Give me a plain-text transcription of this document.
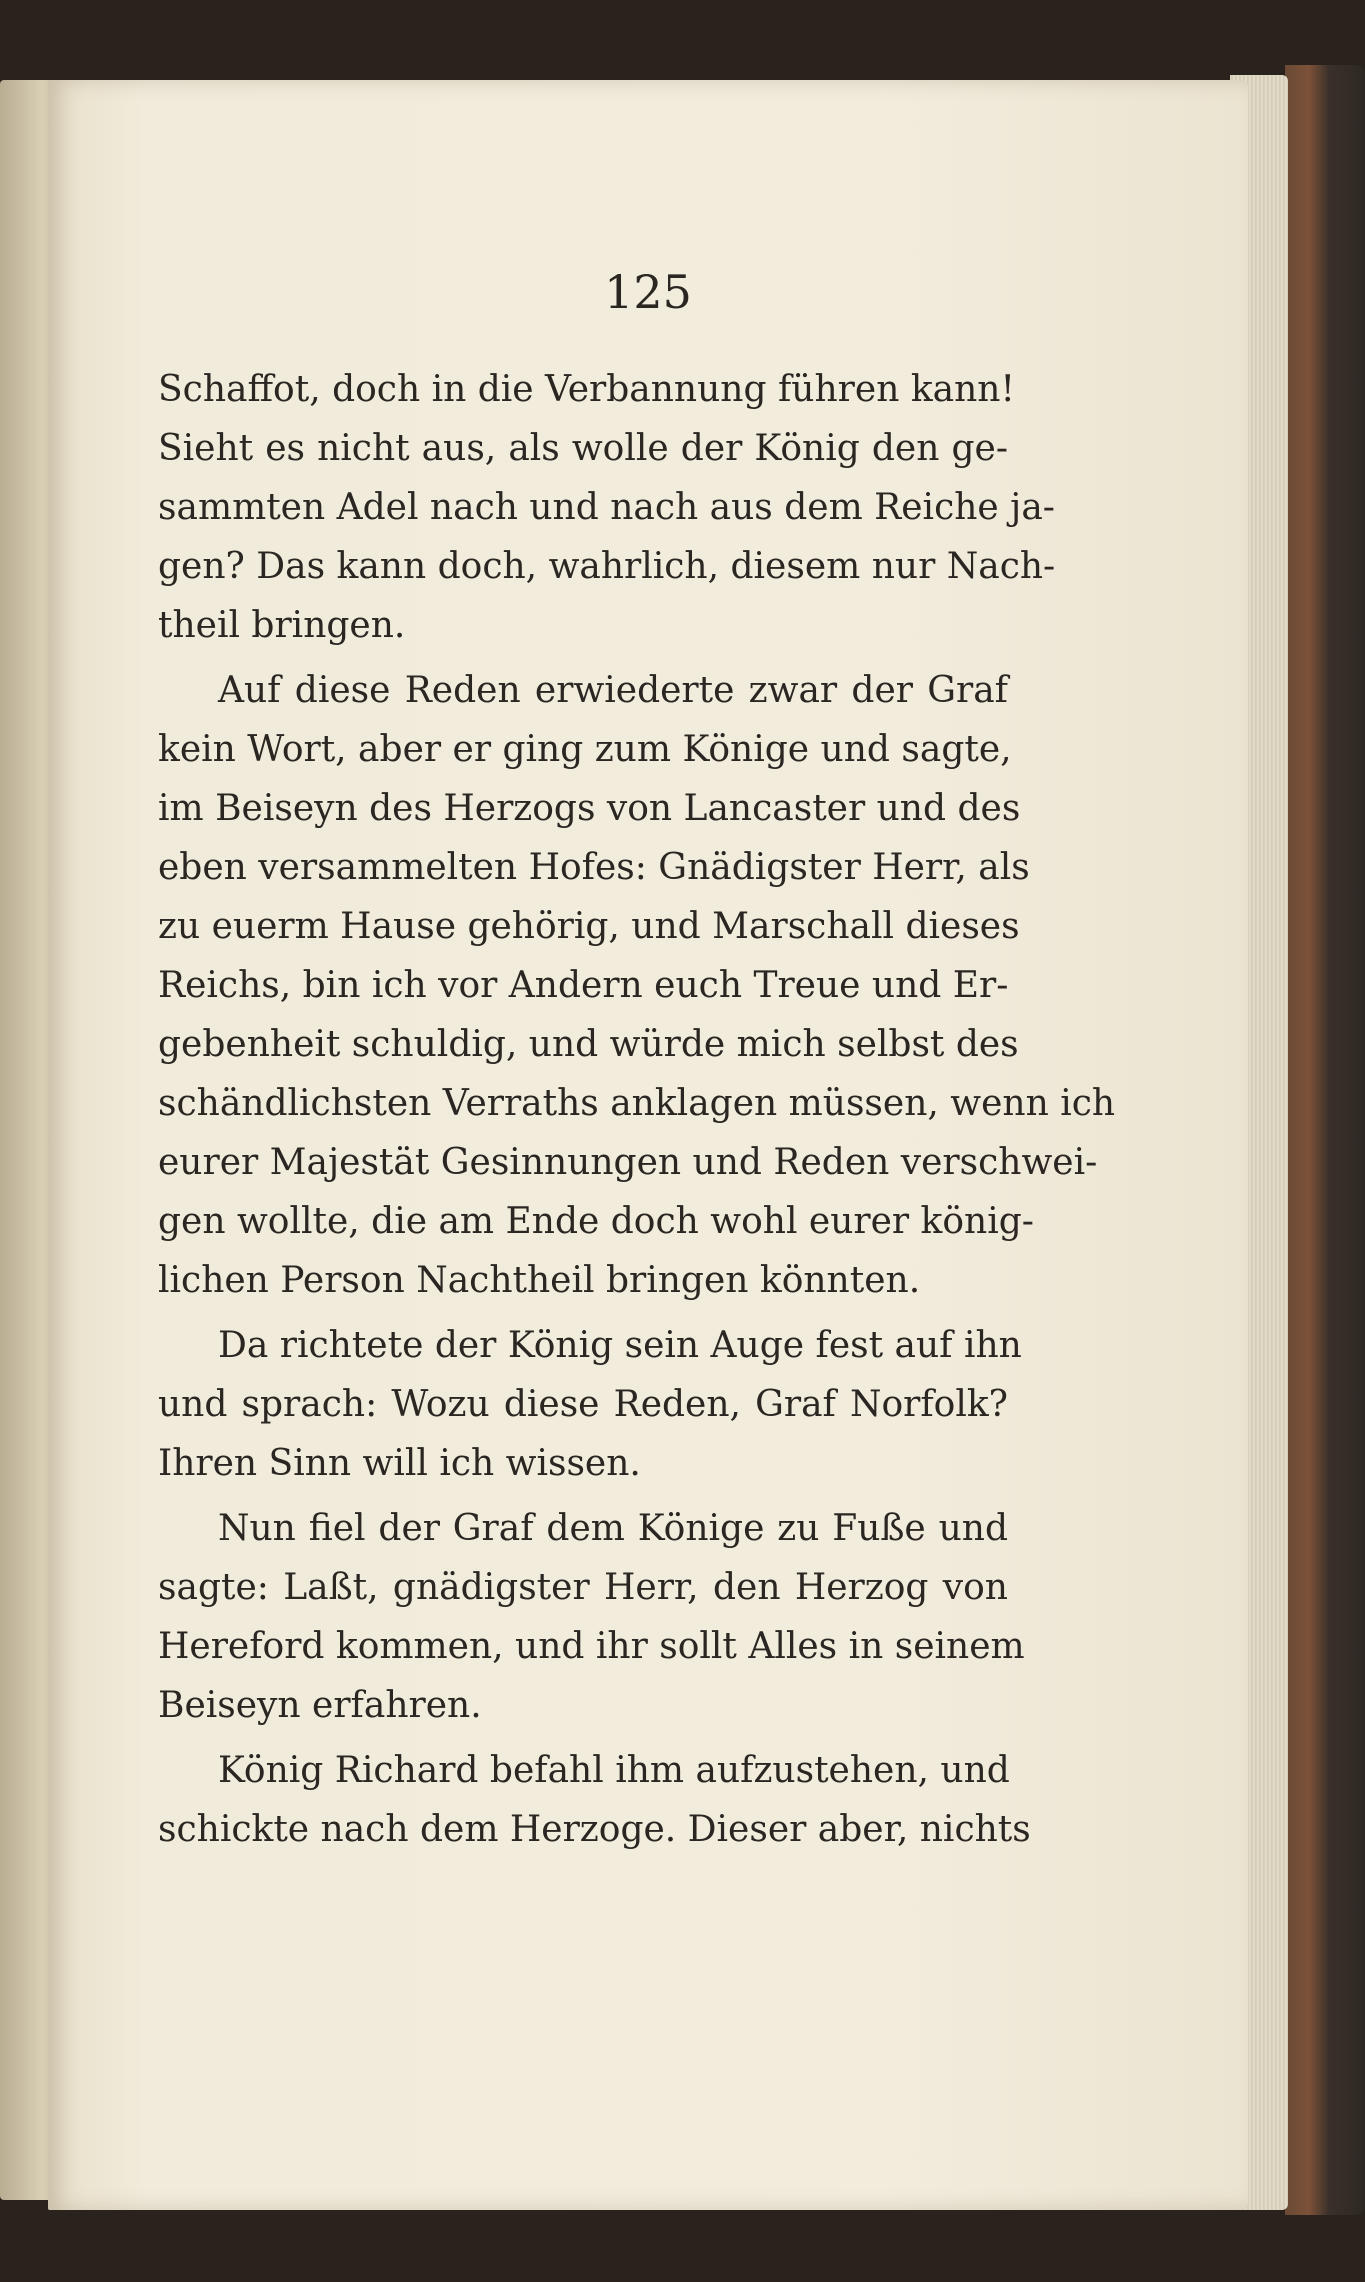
125
Schaffot, doch in die Verbannung führen kann!
Sieht es nicht aus, als wolle der König den ge-
sammten Adel nach und nach aus dem Reiche ja-
gen? Das kann doch, wahrlich, diesem nur Nach-
theil bringen.
Auf diese Reden erwiederte zwar der Graf
kein Wort, aber er ging zum Könige und sagte,
im Beiseyn des Herzogs von Lancaster und des
eben versammelten Hofes: Gnädigster Herr, als
zu euerm Hause gehörig, und Marschall dieses
Reichs, bin ich vor Andern euch Treue und Er-
gebenheit schuldig, und würde mich selbst des
schändlichsten Verraths anklagen müssen, wenn ich
eurer Majestät Gesinnungen und Reden verschwei-
gen wollte, die am Ende doch wohl eurer könig-
lichen Person Nachtheil bringen könnten.
Da richtete der König sein Auge fest auf ihn
und sprach: Wozu diese Reden, Graf Norfolk?
Ihren Sinn will ich wissen.
Nun fiel der Graf dem Könige zu Fuße und
sagte: Laßt, gnädigster Herr, den Herzog von
Hereford kommen, und ihr sollt Alles in seinem
Beiseyn erfahren.
König Richard befahl ihm aufzustehen, und
schickte nach dem Herzoge. Dieser aber, nichts
